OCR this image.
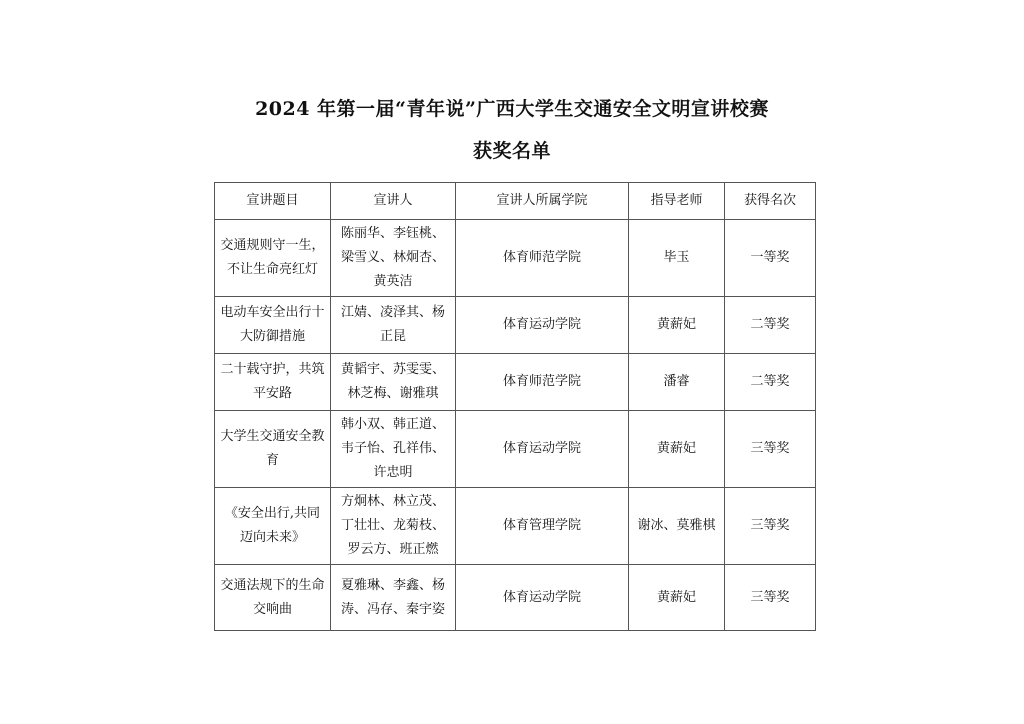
2024 年第一届“青年说”广西大学生交通安全文明宣讲校赛
获奖名单
宣讲题目	宣讲人	宣讲人所属学院	指导老师	获得名次
交通规则守一生，不让生命亮红灯	陈丽华、李钰桃、梁雪义、林炯杏、黄英洁	体育师范学院	毕玉	一等奖
电动车安全出行十大防御措施	江婧、凌泽其、杨正昆	体育运动学院	黄薪妃	二等奖
二十载守护，共筑平安路	黄韬宇、苏雯雯、林芝梅、谢雅琪	体育师范学院	潘睿	二等奖
大学生交通安全教育	韩小双、韩正道、韦子怡、孔祥伟、许忠明	体育运动学院	黄薪妃	三等奖
《安全出行,共同迈向未来》	方炯林、林立茂、丁壮壮、龙菊枝、罗云方、班正燃	体育管理学院	谢冰、莫雅棋	三等奖
交通法规下的生命交响曲	夏雅琳、李鑫、杨涛、冯存、秦宇姿	体育运动学院	黄薪妃	三等奖
